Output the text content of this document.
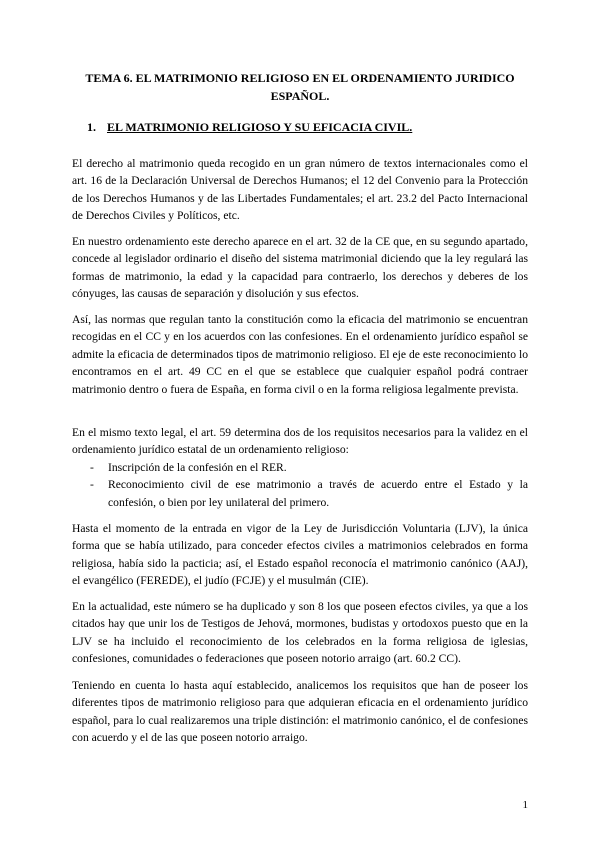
TEMA 6. EL MATRIMONIO RELIGIOSO EN EL ORDENAMIENTO JURIDICO ESPAÑOL.
1. EL MATRIMONIO RELIGIOSO Y SU EFICACIA CIVIL.

El derecho al matrimonio queda recogido en un gran número de textos internacionales como el art. 16 de la Declaración Universal de Derechos Humanos; el 12 del Convenio para la Protección de los Derechos Humanos y de las Libertades Fundamentales; el art. 23.2 del Pacto Internacional de Derechos Civiles y Políticos, etc.

En nuestro ordenamiento este derecho aparece en el art. 32 de la CE que, en su segundo apartado, concede al legislador ordinario el diseño del sistema matrimonial diciendo que la ley regulará las formas de matrimonio, la edad y la capacidad para contraerlo, los derechos y deberes de los cónyuges, las causas de separación y disolución y sus efectos.

Así, las normas que regulan tanto la constitución como la eficacia del matrimonio se encuentran recogidas en el CC y en los acuerdos con las confesiones. En el ordenamiento jurídico español se admite la eficacia de determinados tipos de matrimonio religioso. El eje de este reconocimiento lo encontramos en el art. 49 CC en el que se establece que cualquier español podrá contraer matrimonio dentro o fuera de España, en forma civil o en la forma religiosa legalmente prevista.

En el mismo texto legal, el art. 59 determina dos de los requisitos necesarios para la validez en el ordenamiento jurídico estatal de un ordenamiento religioso:

- Inscripción de la confesión en el RER.
- Reconocimiento civil de ese matrimonio a través de acuerdo entre el Estado y la confesión, o bien por ley unilateral del primero.

Hasta el momento de la entrada en vigor de la Ley de Jurisdicción Voluntaria (LJV), la única forma que se había utilizado, para conceder efectos civiles a matrimonios celebrados en forma religiosa, había sido la pacticia; así, el Estado español reconocía el matrimonio canónico (AAJ), el evangélico (FEREDE), el judío (FCJE) y el musulmán (CIE).

En la actualidad, este número se ha duplicado y son 8 los que poseen efectos civiles, ya que a los citados hay que unir los de Testigos de Jehová, mormones, budistas y ortodoxos puesto que en la LJV se ha incluido el reconocimiento de los celebrados en la forma religiosa de iglesias, confesiones, comunidades o federaciones que poseen notorio arraigo (art. 60.2 CC).

Teniendo en cuenta lo hasta aquí establecido, analicemos los requisitos que han de poseer los diferentes tipos de matrimonio religioso para que adquieran eficacia en el ordenamiento jurídico español, para lo cual realizaremos una triple distinción: el matrimonio canónico, el de confesiones con acuerdo y el de las que poseen notorio arraigo.

1
